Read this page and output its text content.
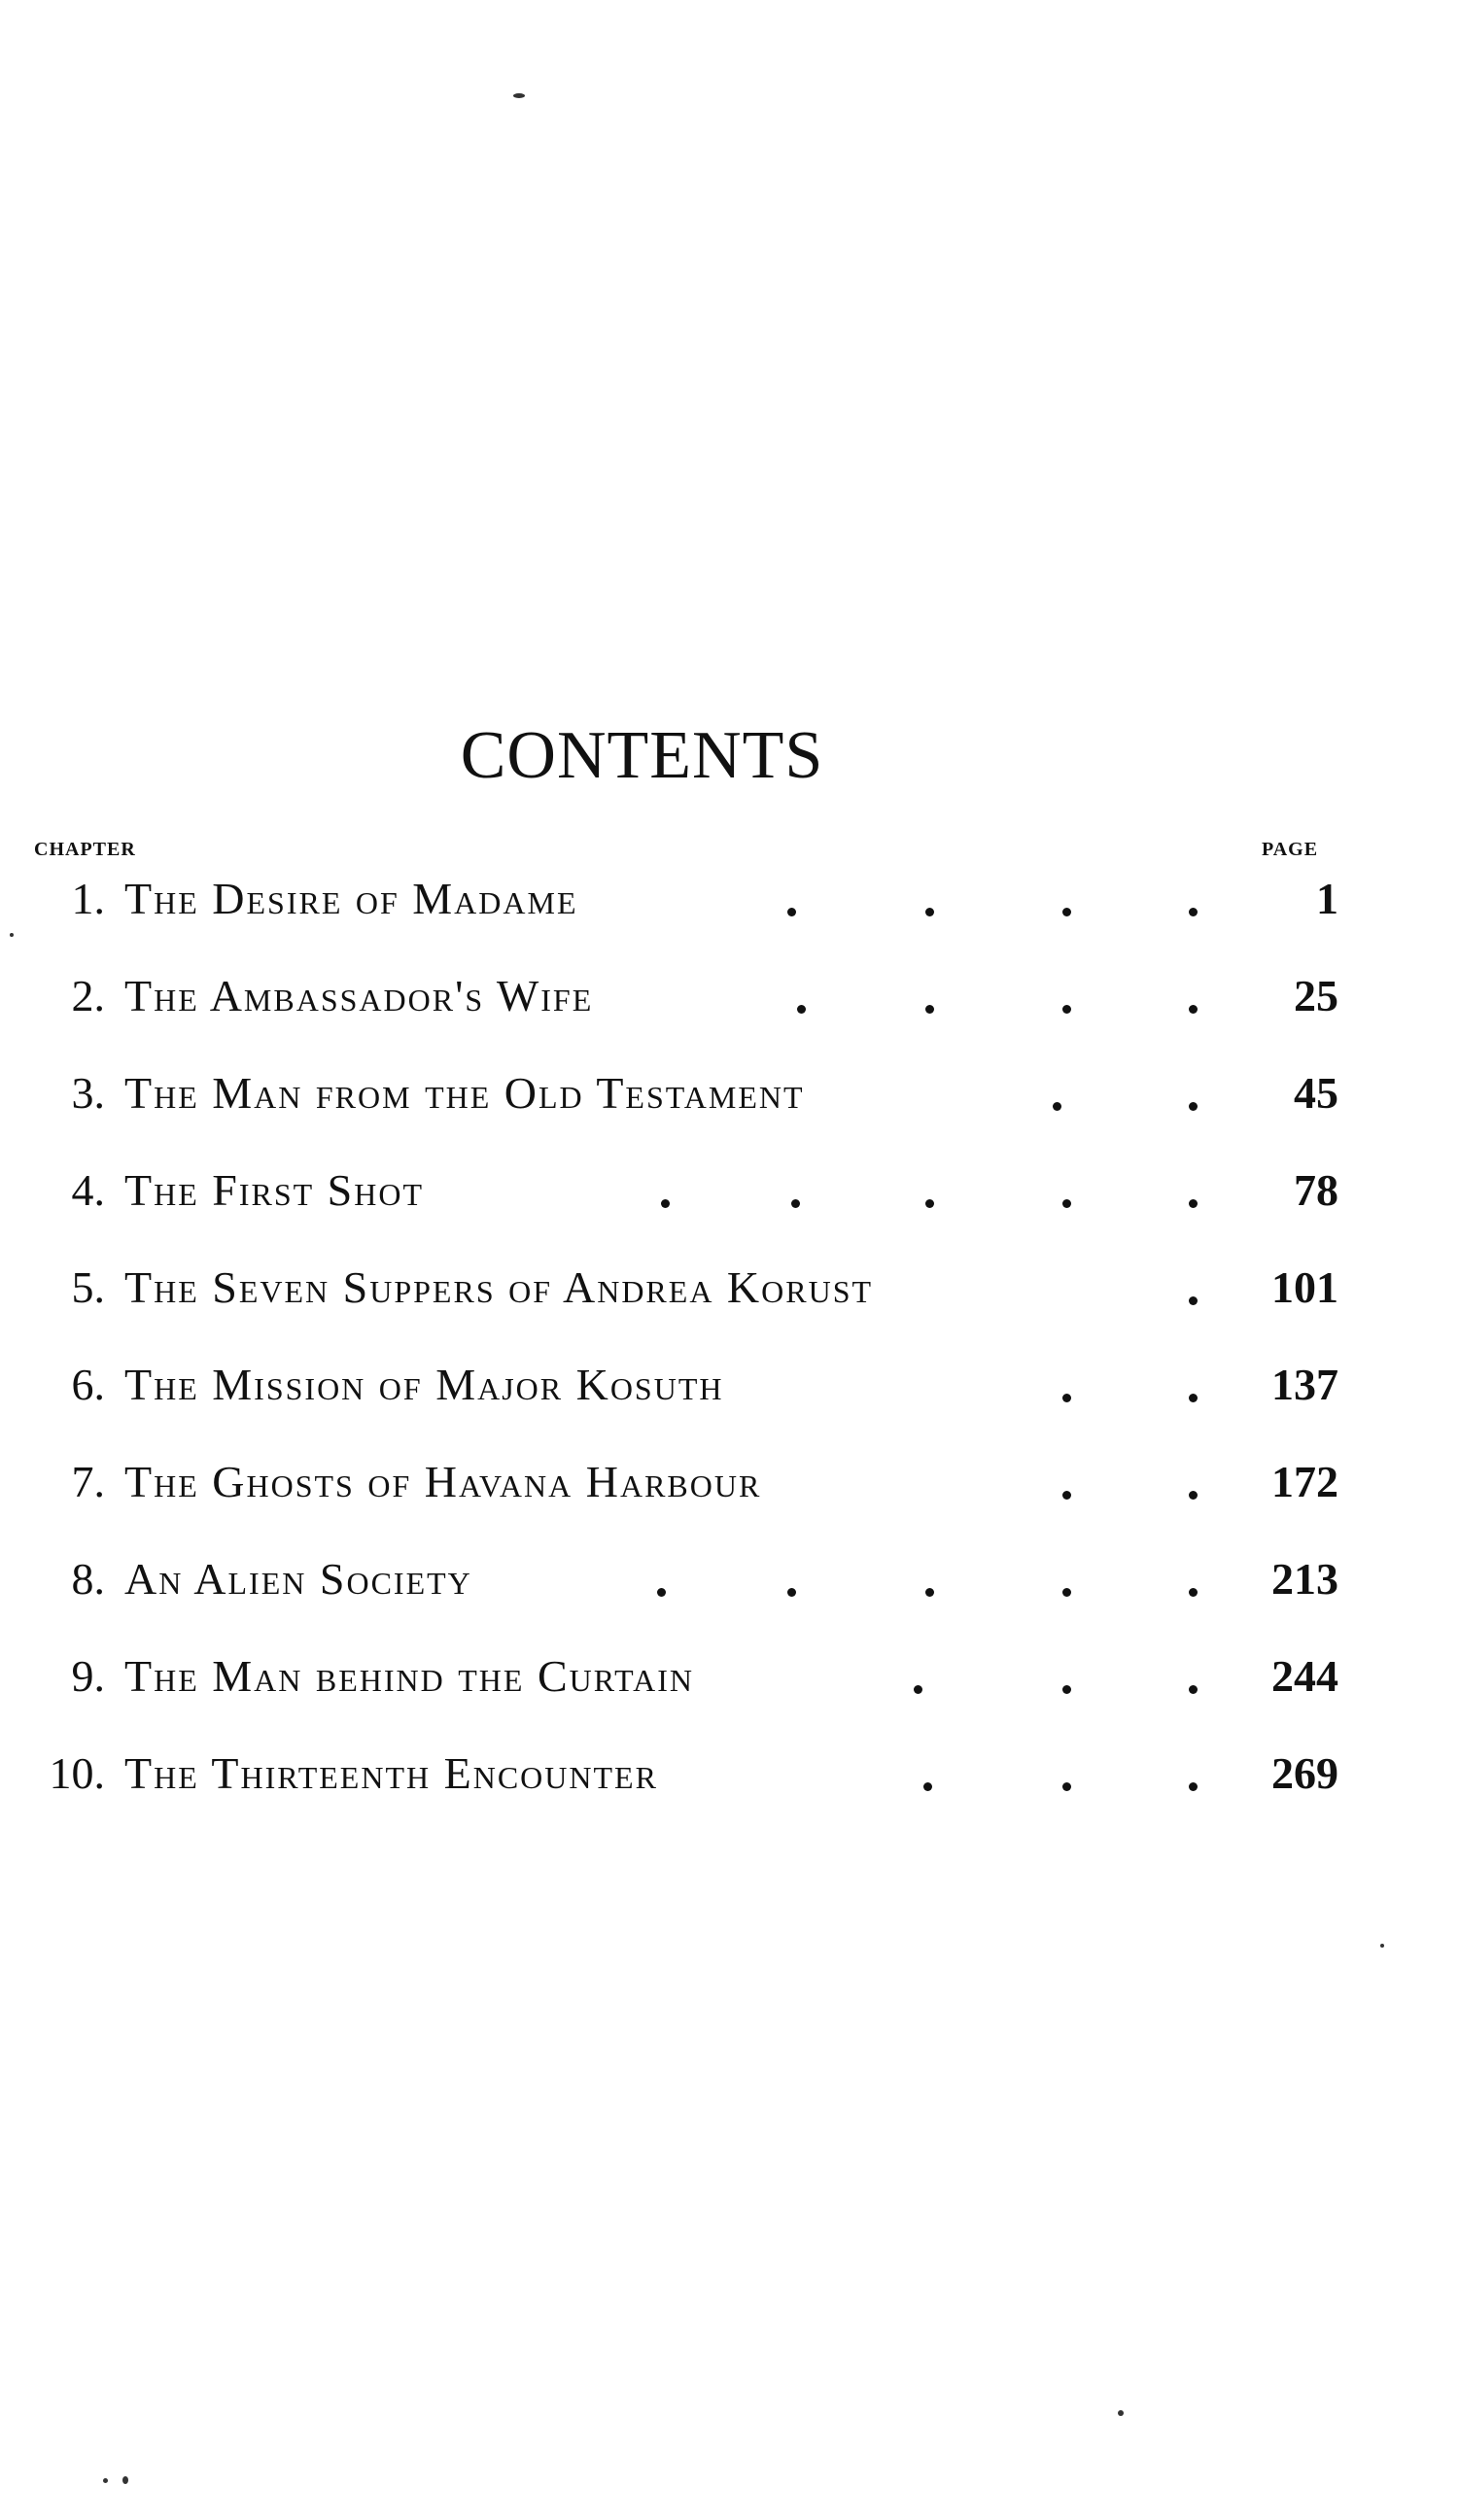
CONTENTS
CHAPTER	PAGE
1. The Desire of Madame	1
2. The Ambassador's Wife	25
3. The Man from the Old Testament	45
4. The First Shot	78
5. The Seven Suppers of Andrea Korust	101
6. The Mission of Major Kosuth	137
7. The Ghosts of Havana Harbour	172
8. An Alien Society	213
9. The Man behind the Curtain	244
10. The Thirteenth Encounter	269
